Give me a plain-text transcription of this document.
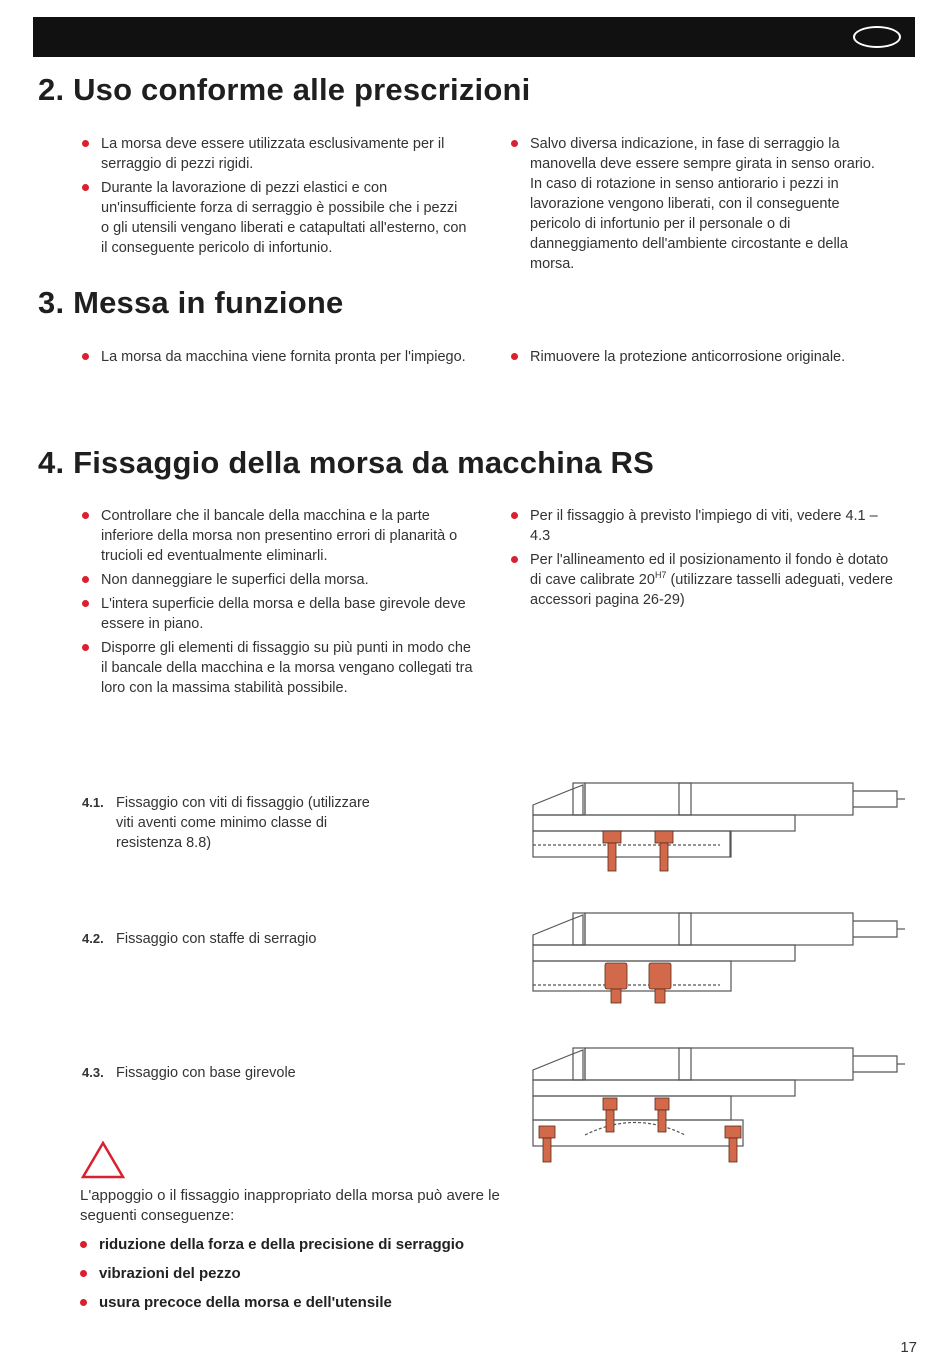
2. Uso conforme alle prescrizioni
La morsa deve essere utilizzata esclusivamente per il serraggio di pezzi rigidi.
Durante la lavorazione di pezzi elastici e con un'insufficiente forza di serraggio è possibile che i pezzi o gli utensili vengano liberati e catapultati all'esterno, con il conseguente pericolo di infortunio.
Salvo diversa indicazione, in fase di serraggio la manovella deve essere sempre girata in senso orario. In caso di rotazione in senso antiorario i pezzi in lavorazione vengono liberati, con il conseguente pericolo di infortunio per il personale o di danneggiamento dell'ambiente circostante e della morsa.
3. Messa in funzione
La morsa da macchina viene fornita pronta per l'impiego.	Rimuovere la protezione anticorrosione originale.
4. Fissaggio della morsa da macchina RS
Controllare che il bancale della macchina e la parte inferiore della morsa non presentino errori di planarità o trucioli ed eventualmente eliminarli.
Non danneggiare le superfici della morsa.
L'intera superficie della morsa e della base girevole deve essere in piano.
Disporre gli elementi di fissaggio su più punti in modo che il bancale della macchina e la morsa vengano collegati tra loro con la massima stabilità possibile.
Per il fissaggio à previsto l'impiego di viti, vedere 4.1 – 4.3
Per l'allineamento ed il posizionamento il fondo è dotato di cave calibrate $20^{H7}$ (utilizzare tasselli adeguati, vedere accessori pagina 26-29)
4.1. Fissaggio con viti di fissaggio (utilizzare viti aventi come minimo classe di resistenza 8.8)
4.2. Fissaggio con staffe di serragio
4.3. Fissaggio con base girevole
L'appoggio o il fissaggio inappropriato della morsa può avere le seguenti conseguenze:
riduzione della forza e della precisione di serraggio
vibrazioni del pezzo
usura precoce della morsa e dell'utensile
17
